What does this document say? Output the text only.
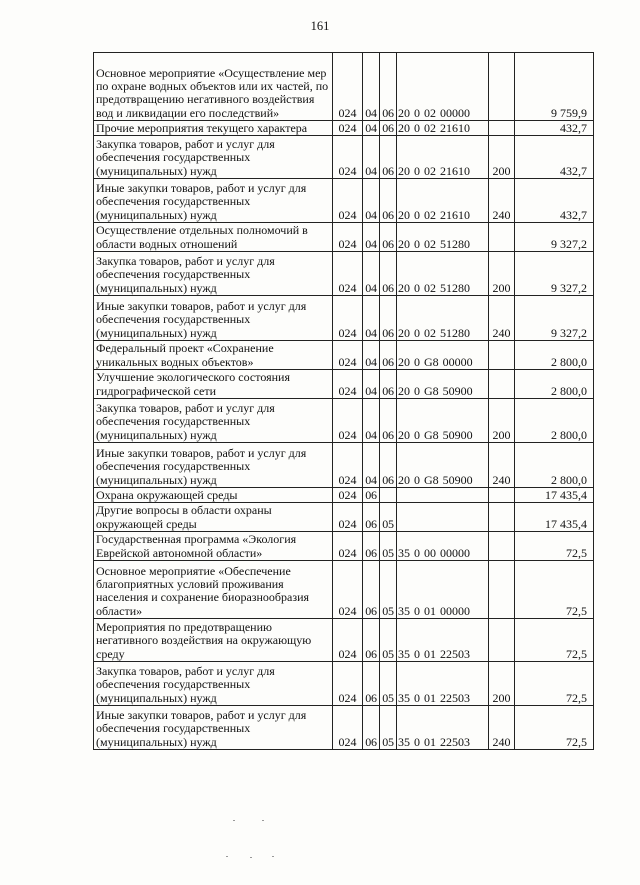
161
Основное мероприятие «Осуществление мер по охране водных объектов или их частей, по предотвращению негативного воздействия вод и ликвидации его последствий»	024	04	06	20 0 02 00000		9 759,9
Прочие мероприятия текущего характера	024	04	06	20 0 02 21610		432,7
Закупка товаров, работ и услуг для обеспечения государственных (муниципальных) нужд	024	04	06	20 0 02 21610	200	432,7
Иные закупки товаров, работ и услуг для обеспечения государственных (муниципальных) нужд	024	04	06	20 0 02 21610	240	432,7
Осуществление отдельных полномочий в области водных отношений	024	04	06	20 0 02 51280		9 327,2
Закупка товаров, работ и услуг для обеспечения государственных (муниципальных) нужд	024	04	06	20 0 02 51280	200	9 327,2
Иные закупки товаров, работ и услуг для обеспечения государственных (муниципальных) нужд	024	04	06	20 0 02 51280	240	9 327,2
Федеральный проект «Сохранение уникальных водных объектов»	024	04	06	20 0 G8 00000		2 800,0
Улучшение экологического состояния гидрографической сети	024	04	06	20 0 G8 50900		2 800,0
Закупка товаров, работ и услуг для обеспечения государственных (муниципальных) нужд	024	04	06	20 0 G8 50900	200	2 800,0
Иные закупки товаров, работ и услуг для обеспечения государственных (муниципальных) нужд	024	04	06	20 0 G8 50900	240	2 800,0
Охрана окружающей среды	024	06				17 435,4
Другие вопросы в области охраны окружающей среды	024	06	05			17 435,4
Государственная программа «Экология Еврейской автономной области»	024	06	05	35 0 00 00000		72,5
Основное мероприятие «Обеспечение благоприятных условий проживания населения и сохранение биоразнообразия области»	024	06	05	35 0 01 00000		72,5
Мероприятия по предотвращению негативного воздействия на окружающую среду	024	06	05	35 0 01 22503		72,5
Закупка товаров, работ и услуг для обеспечения государственных (муниципальных) нужд	024	06	05	35 0 01 22503	200	72,5
Иные закупки товаров, работ и услуг для обеспечения государственных (муниципальных) нужд	024	06	05	35 0 01 22503	240	72,5
